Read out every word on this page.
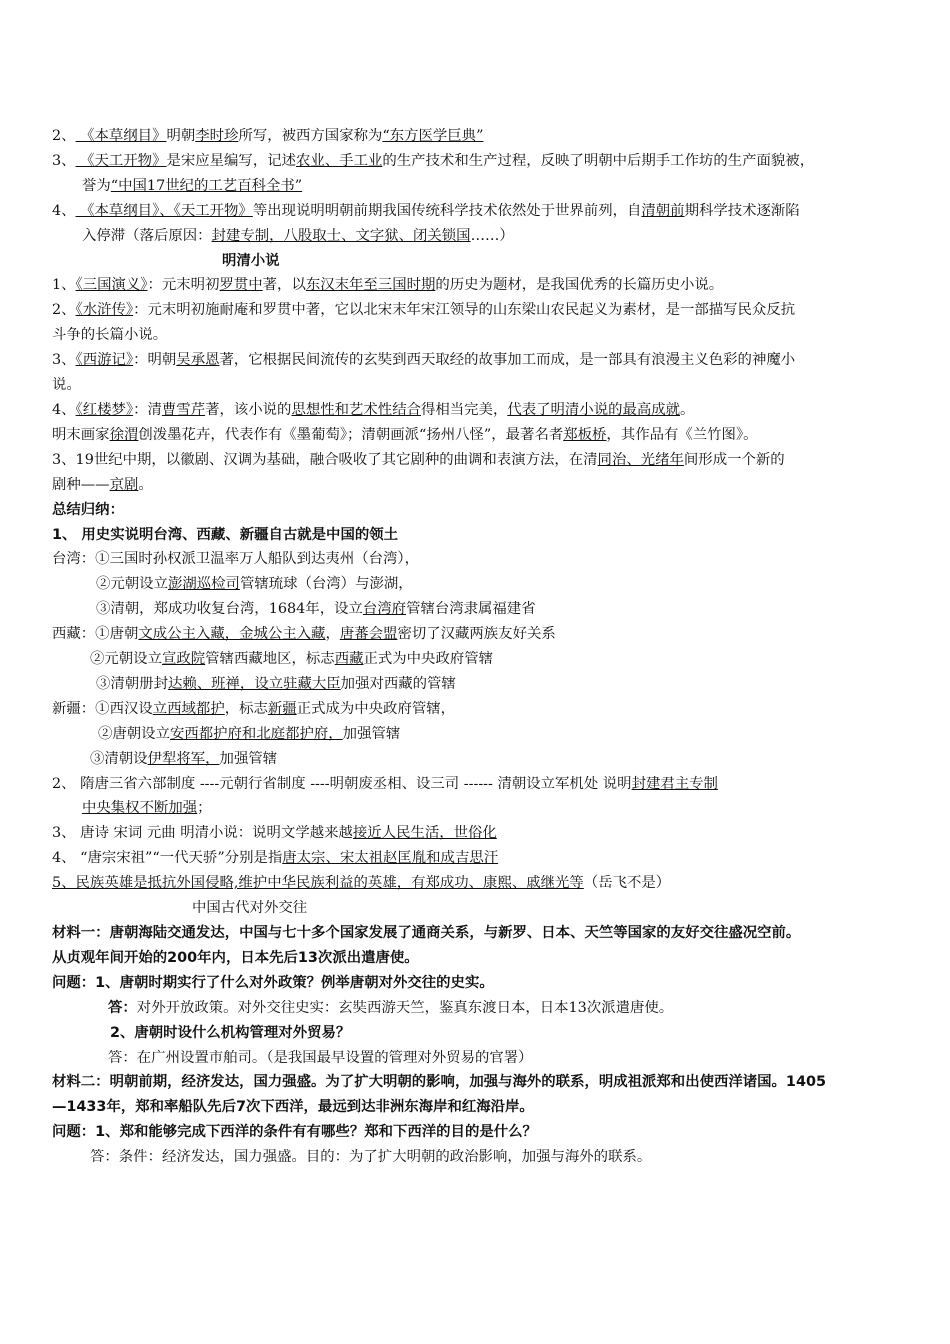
2、 《本草纲目》明朝李时珍所写，被西方国家称为“东方医学巨典”
3、 《天工开物》是宋应星编写，记述农业、手工业的生产技术和生产过程，反映了明朝中后期手工作坊的生产面貌被，
誉为“中国17世纪的工艺百科全书”
4、 《本草纲目》、《天工开物》等出现说明明朝前期我国传统科学技术依然处于世界前列，自清朝前期科学技术逐渐陷
入停滞（落后原因：封建专制，八股取士、文字狱、闭关锁国……）
明清小说
1、《三国演义》：元末明初罗贯中著，以东汉末年至三国时期的历史为题材，是我国优秀的长篇历史小说。
2、《水浒传》：元末明初施耐庵和罗贯中著，它以北宋末年宋江领导的山东梁山农民起义为素材，是一部描写民众反抗
斗争的长篇小说。
3、《西游记》：明朝吴承恩著，它根据民间流传的玄奘到西天取经的故事加工而成，是一部具有浪漫主义色彩的神魔小
说。
4、《红楼梦》：清曹雪芹著，该小说的思想性和艺术性结合得相当完美，代表了明清小说的最高成就。
明末画家徐渭创泼墨花卉，代表作有《墨葡萄》；清朝画派“扬州八怪”，最著名者郑板桥，其作品有《兰竹图》。
3、19世纪中期，以徽剧、汉调为基础，融合吸收了其它剧种的曲调和表演方法，在清同治、光绪年间形成一个新的
剧种——京剧。
总结归纳：
1、 用史实说明台湾、西藏、新疆自古就是中国的领土
台湾：①三国时孙权派卫温率万人船队到达夷州（台湾），
②元朝设立澎湖巡检司管辖琉球（台湾）与澎湖，
③清朝，郑成功收复台湾，1684年，设立台湾府管辖台湾隶属福建省
西藏：①唐朝文成公主入藏，金城公主入藏，唐蕃会盟密切了汉藏两族友好关系
②元朝设立宣政院管辖西藏地区，标志西藏正式为中央政府管辖
③清朝册封达赖、班禅，设立驻藏大臣加强对西藏的管辖
新疆：①西汉设立西域都护，标志新疆正式成为中央政府管辖，
②唐朝设立安西都护府和北庭都护府，加强管辖
③清朝设伊犁将军，加强管辖
2、 隋唐三省六部制度 ----元朝行省制度 ----明朝废丞相、设三司 ------ 清朝设立军机处 说明封建君主专制
中央集权不断加强；
3、 唐诗 宋词 元曲 明清小说：说明文学越来越接近人民生活，世俗化
4、 “唐宗宋祖”“一代天骄”分别是指唐太宗、宋太祖赵匡胤和成吉思汗
5、民族英雄是抵抗外国侵略,维护中华民族利益的英雄，有郑成功、康熙、戚继光等（岳飞不是）
中国古代对外交往
材料一：唐朝海陆交通发达，中国与七十多个国家发展了通商关系，与新罗、日本、天竺等国家的友好交往盛况空前。
从贞观年间开始的200年内，日本先后13次派出遣唐使。
问题：1、唐朝时期实行了什么对外政策？例举唐朝对外交往的史实。
答：对外开放政策。对外交往史实：玄奘西游天竺，鉴真东渡日本，日本13次派遣唐使。
2、唐朝时设什么机构管理对外贸易？
答：在广州设置市舶司。（是我国最早设置的管理对外贸易的官署）
材料二：明朝前期，经济发达，国力强盛。为了扩大明朝的影响，加强与海外的联系，明成祖派郑和出使西洋诸国。1405
—1433年，郑和率船队先后7次下西洋，最远到达非洲东海岸和红海沿岸。
问题：1、郑和能够完成下西洋的条件有有哪些？郑和下西洋的目的是什么？
答：条件：经济发达，国力强盛。目的：为了扩大明朝的政治影响，加强与海外的联系。
